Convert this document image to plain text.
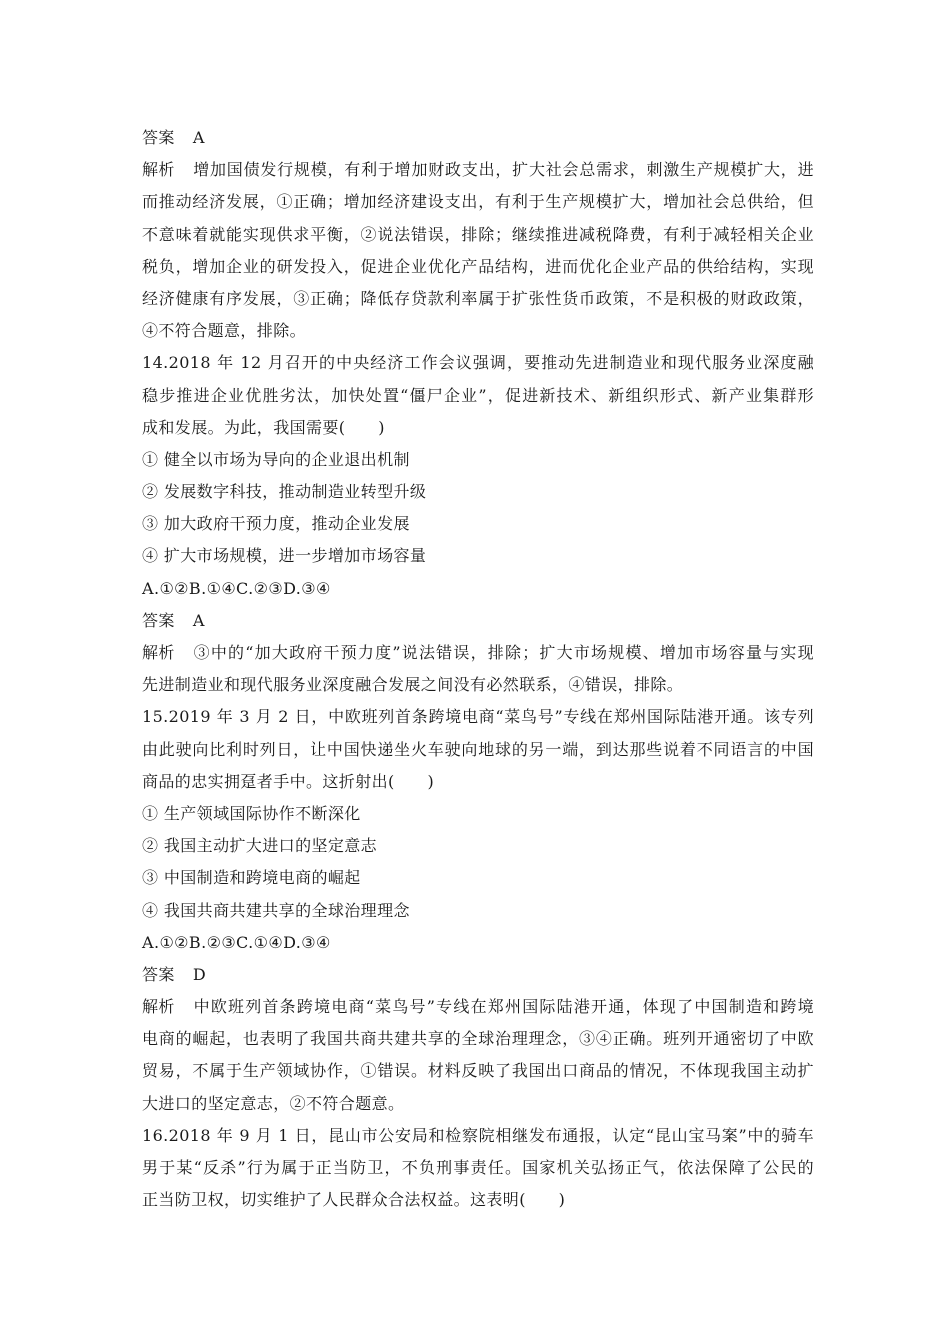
答案 A
解析 增加国债发行规模，有利于增加财政支出，扩大社会总需求，刺激生产规模扩大，进
而推动经济发展，①正确；增加经济建设支出，有利于生产规模扩大，增加社会总供给，但
不意味着就能实现供求平衡，②说法错误，排除；继续推进减税降费，有利于减轻相关企业
税负，增加企业的研发投入，促进企业优化产品结构，进而优化企业产品的供给结构，实现
经济健康有序发展，③正确；降低存贷款利率属于扩张性货币政策，不是积极的财政政策，
④不符合题意，排除。
14.2018 年 12 月召开的中央经济工作会议强调，要推动先进制造业和现代服务业深度融
稳步推进企业优胜劣汰，加快处置“僵尸企业”，促进新技术、新组织形式、新产业集群形
成和发展。为此，我国需要(　　)
① 健全以市场为导向的企业退出机制
② 发展数字科技，推动制造业转型升级
③ 加大政府干预力度，推动企业发展
④ 扩大市场规模，进一步增加市场容量
A.①②B.①④C.②③D.③④
答案 A
解析 ③中的“加大政府干预力度”说法错误，排除；扩大市场规模、增加市场容量与实现
先进制造业和现代服务业深度融合发展之间没有必然联系，④错误，排除。
15.2019 年 3 月 2 日，中欧班列首条跨境电商“菜鸟号”专线在郑州国际陆港开通。该专列
由此驶向比利时列日，让中国快递坐火车驶向地球的另一端，到达那些说着不同语言的中国
商品的忠实拥趸者手中。这折射出(　　)
① 生产领域国际协作不断深化
② 我国主动扩大进口的坚定意志
③ 中国制造和跨境电商的崛起
④ 我国共商共建共享的全球治理理念
A.①②B.②③C.①④D.③④
答案 D
解析 中欧班列首条跨境电商“菜鸟号”专线在郑州国际陆港开通，体现了中国制造和跨境
电商的崛起，也表明了我国共商共建共享的全球治理理念，③④正确。班列开通密切了中欧
贸易，不属于生产领域协作，①错误。材料反映了我国出口商品的情况，不体现我国主动扩
大进口的坚定意志，②不符合题意。
16.2018 年 9 月 1 日，昆山市公安局和检察院相继发布通报，认定“昆山宝马案”中的骑车
男于某“反杀”行为属于正当防卫，不负刑事责任。国家机关弘扬正气，依法保障了公民的
正当防卫权，切实维护了人民群众合法权益。这表明(　　)
